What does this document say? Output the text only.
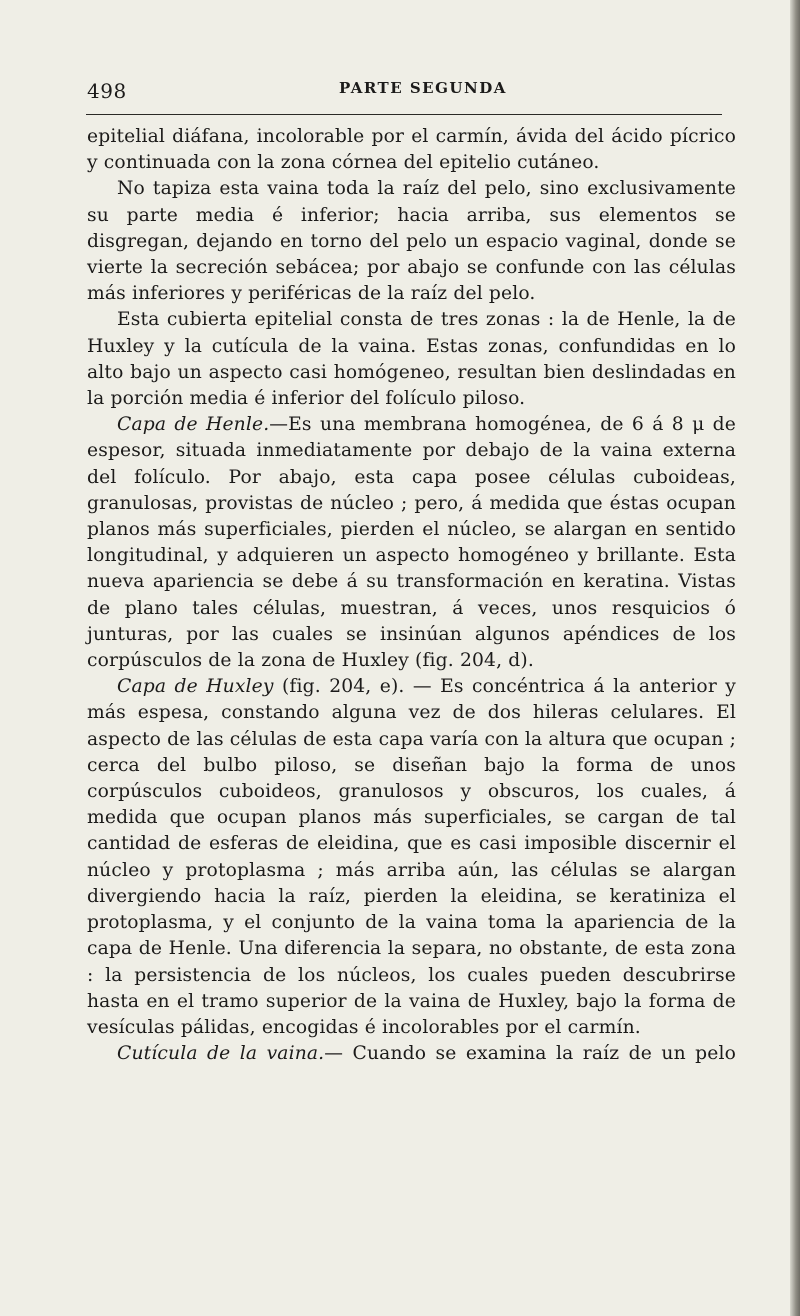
498	PARTE SEGUNDA

epitelial diáfana, incolorable por el carmín, ávida del ácido pícrico y continuada con la zona córnea del epitelio cutáneo.

No tapiza esta vaina toda la raíz del pelo, sino exclusivamente su parte media é inferior; hacia arriba, sus elementos se disgregan, dejando en torno del pelo un espacio vaginal, donde se vierte la secreción sebácea; por abajo se confunde con las células más inferiores y periféricas de la raíz del pelo.

Esta cubierta epitelial consta de tres zonas : la de Henle, la de Huxley y la cutícula de la vaina. Estas zonas, confundidas en lo alto bajo un aspecto casi homógeneo, resultan bien deslindadas en la porción media é inferior del folículo piloso.

Capa de Henle.—Es una membrana homogénea, de 6 á 8 μ de espesor, situada inmediatamente por debajo de la vaina externa del folículo. Por abajo, esta capa posee células cuboideas, granulosas, provistas de núcleo ; pero, á medida que éstas ocupan planos más superficiales, pierden el núcleo, se alargan en sentido longitudinal, y adquieren un aspecto homogéneo y brillante. Esta nueva apariencia se debe á su transformación en keratina. Vistas de plano tales células, muestran, á veces, unos resquicios ó junturas, por las cuales se insinúan algunos apéndices de los corpúsculos de la zona de Huxley (fig. 204, d).

Capa de Huxley (fig. 204, e). — Es concéntrica á la anterior y más espesa, constando alguna vez de dos hileras celulares. El aspecto de las células de esta capa varía con la altura que ocupan ; cerca del bulbo piloso, se diseñan bajo la forma de unos corpúsculos cuboideos, granulosos y obscuros, los cuales, á medida que ocupan planos más superficiales, se cargan de tal cantidad de esferas de eleidina, que es casi imposible discernir el núcleo y protoplasma ; más arriba aún, las células se alargan divergiendo hacia la raíz, pierden la eleidina, se keratiniza el protoplasma, y el conjunto de la vaina toma la apariencia de la capa de Henle. Una diferencia la separa, no obstante, de esta zona : la persistencia de los núcleos, los cuales pueden descubrirse hasta en el tramo superior de la vaina de Huxley, bajo la forma de vesículas pálidas, encogidas é incolorables por el carmín.

Cutícula de la vaina.— Cuando se examina la raíz de un pelo
